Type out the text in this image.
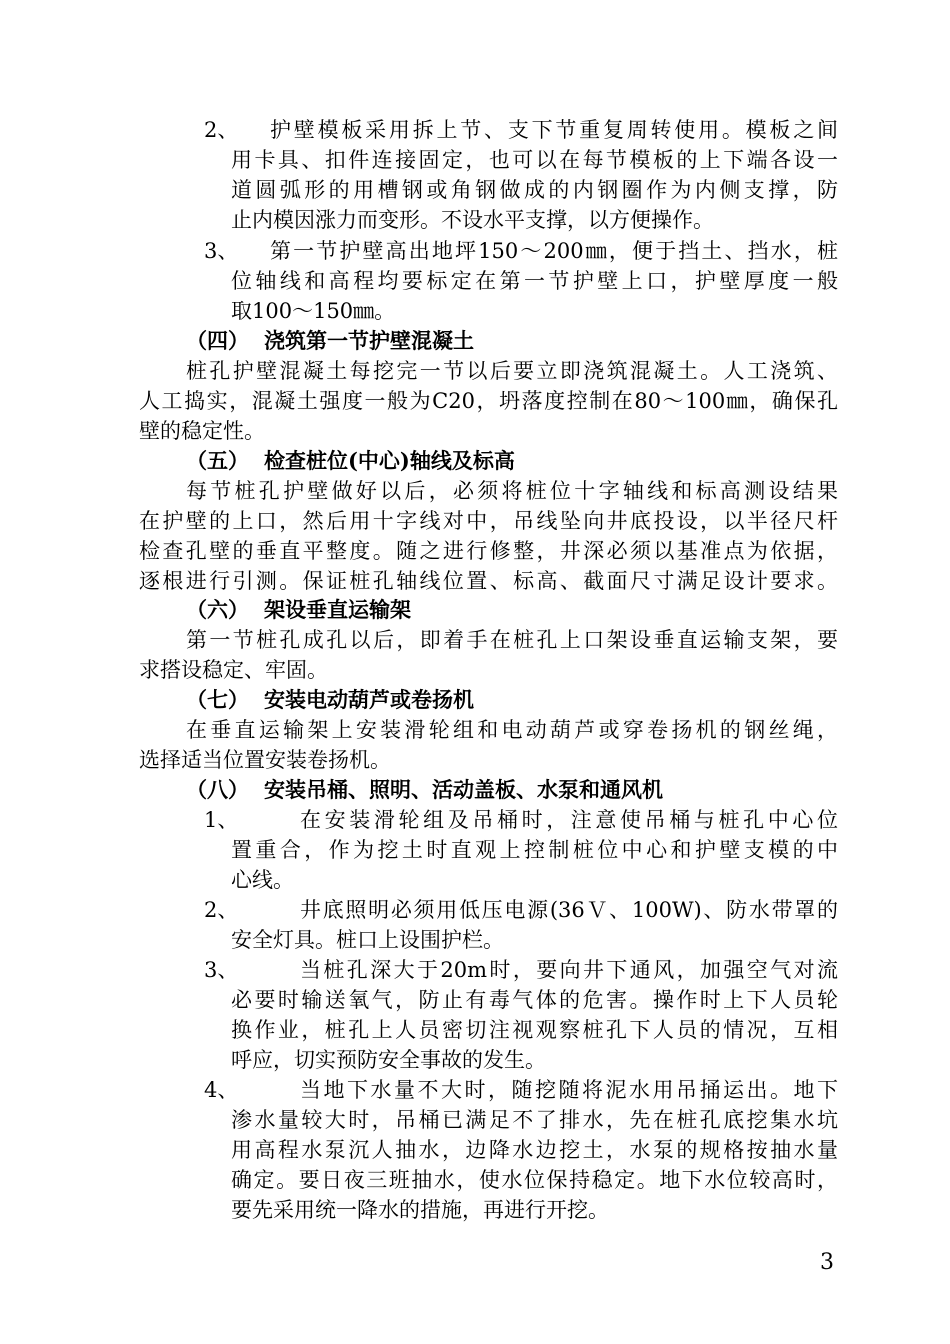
2、 护壁模板采用拆上节、支下节重复周转使用。模板之间
用卡具、扣件连接固定，也可以在每节模板的上下端各设一
道圆弧形的用槽钢或角钢做成的内钢圈作为内侧支撑，防
止内模因涨力而变形。不设水平支撑，以方便操作。
3、 第一节护壁高出地坪150～200㎜，便于挡土、挡水，桩
位轴线和高程均要标定在第一节护壁上口，护壁厚度一般
取100～150㎜。
（四） 浇筑第一节护壁混凝土
桩孔护壁混凝土每挖完一节以后要立即浇筑混凝土。人工浇筑、
人工捣实，混凝土强度一般为C20，坍落度控制在80～100㎜，确保孔
壁的稳定性。
（五） 检查桩位(中心)轴线及标高
每节桩孔护壁做好以后，必须将桩位十字轴线和标高测设结果
在护壁的上口，然后用十字线对中，吊线坠向井底投设，以半径尺杆
检查孔壁的垂直平整度。随之进行修整，井深必须以基准点为依据，
逐根进行引测。保证桩孔轴线位置、标高、截面尺寸满足设计要求。
（六） 架设垂直运输架
第一节桩孔成孔以后，即着手在桩孔上口架设垂直运输支架，要
求搭设稳定、牢固。
（七） 安装电动葫芦或卷扬机
在垂直运输架上安装滑轮组和电动葫芦或穿卷扬机的钢丝绳，
选择适当位置安装卷扬机。
（八） 安装吊桶、照明、活动盖板、水泵和通风机
1、	在安装滑轮组及吊桶时，注意使吊桶与桩孔中心位
置重合，作为挖土时直观上控制桩位中心和护壁支模的中
心线。
2、	井底照明必须用低压电源(36Ｖ、100W)、防水带罩的
安全灯具。桩口上设围护栏。
3、	当桩孔深大于20m时，要向井下通风，加强空气对流
必要时输送氧气，防止有毒气体的危害。操作时上下人员轮
换作业，桩孔上人员密切注视观察桩孔下人员的情况，互相
呼应，切实预防安全事故的发生。
4、	当地下水量不大时，随挖随将泥水用吊捅运出。地下
渗水量较大时，吊桶已满足不了排水，先在桩孔底挖集水坑
用高程水泵沉人抽水，边降水边挖土，水泵的规格按抽水量
确定。要日夜三班抽水，使水位保持稳定。地下水位较高时，
要先采用统一降水的措施，再进行开挖。
3
